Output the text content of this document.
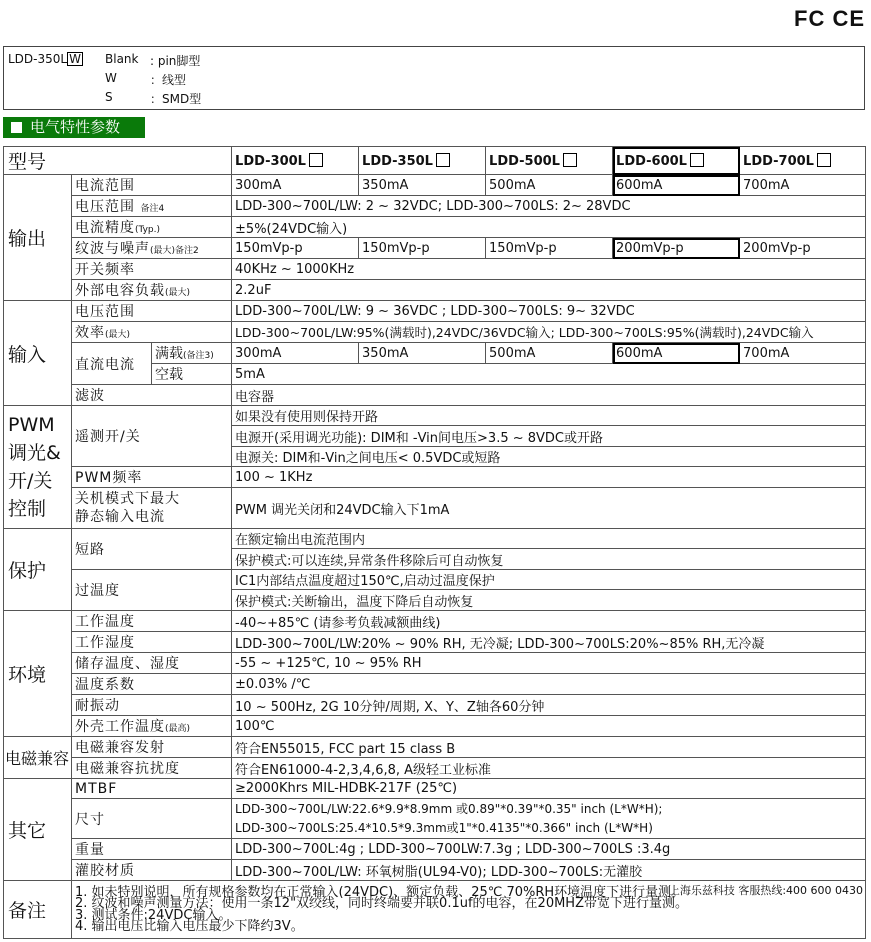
FC CE
LDD-350L W Blank : pin脚型
W	：线型
S	：SMD型
电气特性参数
型号			LDD-300L	LDD-350L	LDD-500L	LDD-600L	LDD-700L
输出	电流范围		300mA	350mA	500mA	600mA	700mA
	电压范围 备注4		LDD-300~700L/LW: 2 ~ 32VDC; LDD-300~700LS: 2~ 28VDC				
	电流精度(Typ.)		±5%(24VDC输入)				
	纹波与噪声(最大)备注2		150mVp-p	150mVp-p	150mVp-p	200mVp-p	200mVp-p
	开关频率		40KHz ~ 1000KHz				
	外部电容负载(最大)		2.2uF				
输入	电压范围		LDD-300~700L/LW: 9 ~ 36VDC ; LDD-300~700LS: 9~ 32VDC				
	效率(最大)		LDD-300~700L/LW:95%(满载时),24VDC/36VDC输入; LDD-300~700LS:95%(满载时),24VDC输入				
	直流电流	满载(备注3)	300mA	350mA	500mA	600mA	700mA
		空载	5mA				
	滤波		电容器				

PWM
调光&
开/关
控制	遥测开/关		如果没有使用则保持开路				
			电源开(采用调光功能): DIM和 -Vin间电压>3.5 ~ 8VDC或开路				
			电源关: DIM和-Vin之间电压< 0.5VDC或短路				
	PWM频率		100 ~ 1KHz				

	关机模式下最大
静态输入电流		PWM 调光关闭和24VDC输入下1mA				
保护	短路		在额定输出电流范围内				
			保护模式:可以连续,异常条件移除后可自动恢复				
	过温度		IC1内部结点温度超过150℃,启动过温度保护				
			保护模式:关断输出，温度下降后自动恢复				
环境	工作温度		-40~+85℃ (请参考负载减额曲线)				
	工作湿度		LDD-300~700L/LW:20% ~ 90% RH, 无冷凝; LDD-300~700LS:20%~85% RH,无冷凝				
	储存温度、湿度		-55 ~ +125℃, 10 ~ 95% RH				
	温度系数		±0.03% /℃				
	耐振动		10 ~ 500Hz, 2G 10分钟/周期, X、Y、Z轴各60分钟				
	外壳工作温度(最高)		100℃				
电磁兼容	电磁兼容发射		符合EN55015, FCC part 15 class B				
	电磁兼容抗扰度		符合EN61000-4-2,3,4,6,8, A级轻工业标准				
其它	MTBF		≥2000Khrs MIL-HDBK-217F (25℃)				
	尺寸		LDD-300~700L/LW:22.6*9.9*8.9mm 或0.89"*0.39"*0.35" inch (L*W*H);
LDD-300~700LS:25.4*10.5*9.3mm或1"*0.4135"*0.366" inch (L*W*H)				

	重量		LDD-300~700L:4g ; LDD-300~700LW:7.3g ; LDD-300~700LS :3.4g				
	灌胶材质		LDD-300~700L/LW: 环氧树脂(UL94-V0); LDD-300~700LS:无灌胶				
备注	1. 如未特别说明，所有规格参数均在正常输入(24VDC)、额定负载、25℃ 70%RH环境温度下进行量测。
2. 纹波和噪声测量方法：使用一条12"双绞线，同时终端要并联0.1uf的电容，在20MHZ带宽下进行量测。
3. 测试条件:24VDC输入。
4. 输出电压比输入电压最少下降约3V。
上海乐兹科技 客服热线:400 600 0430						
